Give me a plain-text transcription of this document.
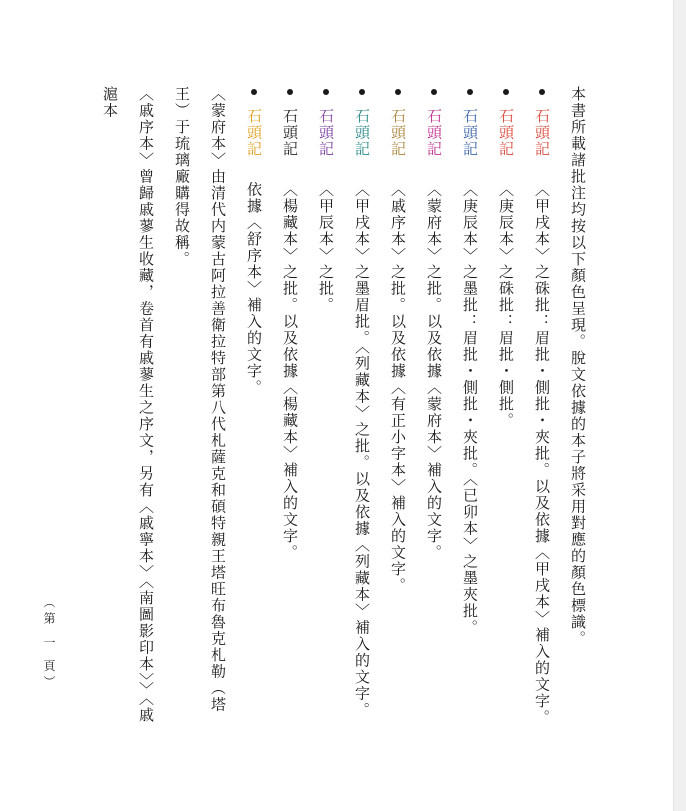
本書所載諸批注均按以下顏色呈現。脫文依據的本子將采用對應的顏色標識。

石頭記〈甲戌本〉之硃批：眉批・側批・夾批。以及依據〈甲戌本〉補入的文字。
石頭記〈庚辰本〉之硃批：眉批・側批。
石頭記〈庚辰本〉之墨批：眉批・側批・夾批。〈已卯本〉之墨夾批。
石頭記〈蒙府本〉之批。以及依據〈蒙府本〉補入的文字。
石頭記〈戚序本〉之批。以及依據〈有正小字本〉補入的文字。
石頭記〈甲戌本〉之墨眉批。〈列藏本〉之批。以及依據〈列藏本〉補入的文字。
石頭記〈甲辰本〉之批。
石頭記〈楊藏本〉之批。以及依據〈楊藏本〉補入的文字。
石頭記依據〈舒序本〉補入的文字。

〈蒙府本〉由清代内蒙古阿拉善衛拉特部第八代札薩克和碩特親王塔旺布魯克札勒（塔王）于琉璃廠購得故稱。

〈戚序本〉曾歸戚蓼生收藏，卷首有戚蓼生之序文，另有〈戚寧本〉〈南圖影印本〉〉〈戚滬本

（第 一 頁）
